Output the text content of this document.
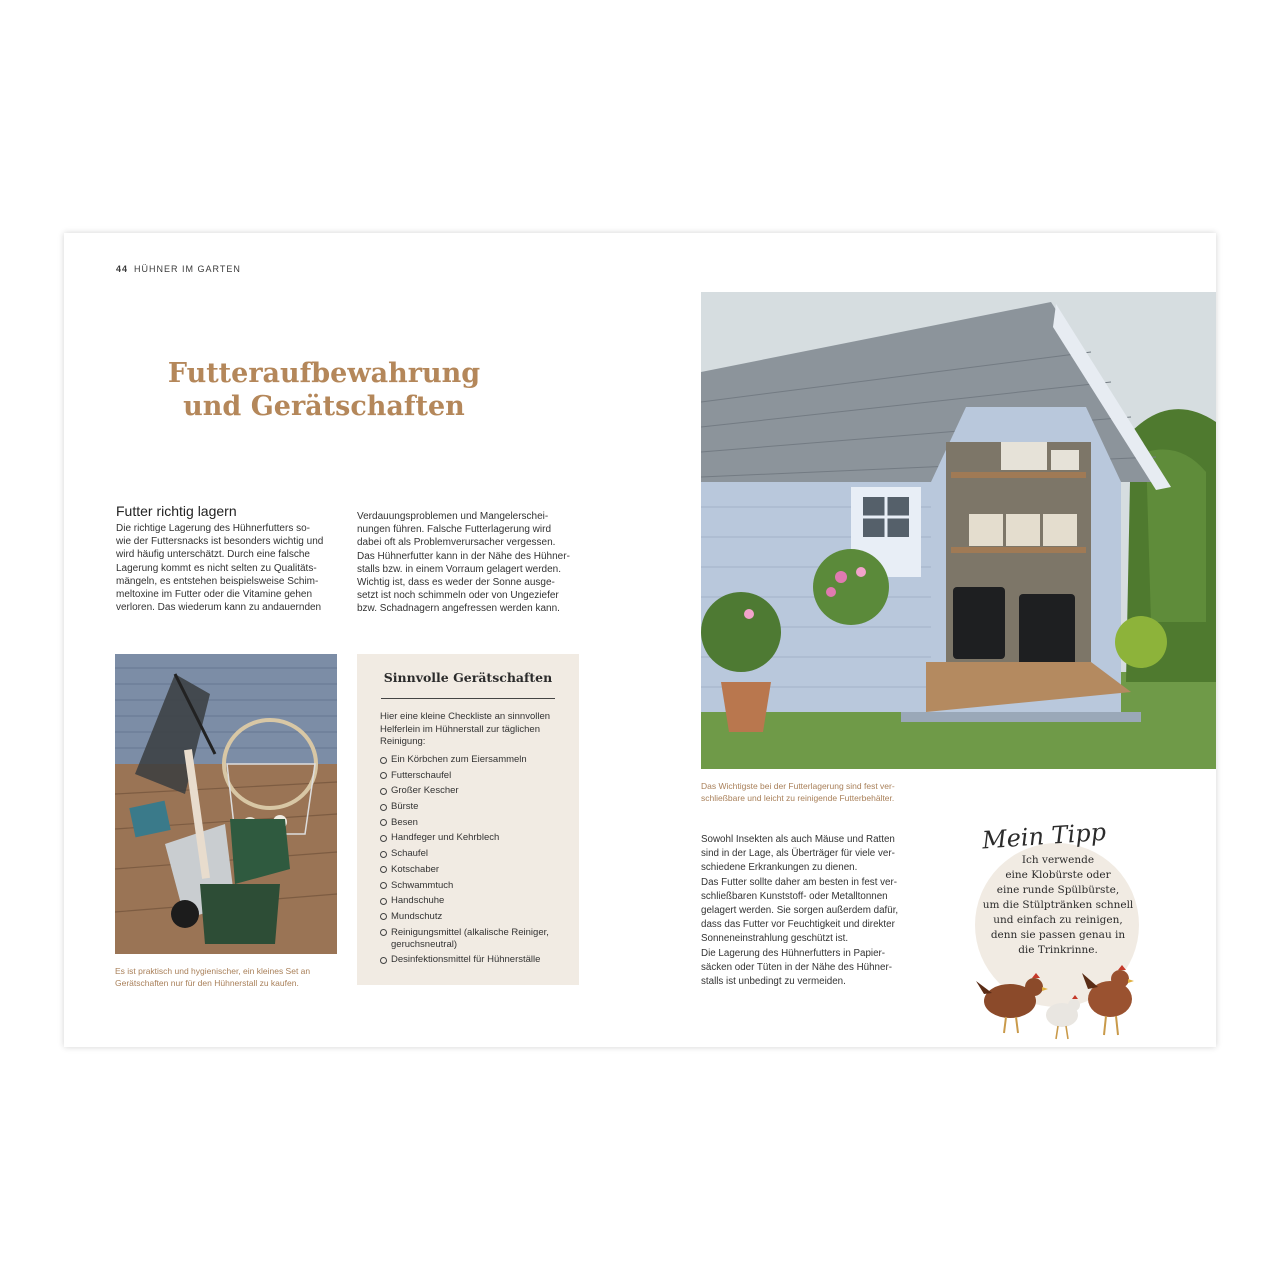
44 HÜHNER IM GARTEN
Futteraufbewahrung
und Gerätschaften
Futter richtig lagern
Die richtige Lagerung des Hühnerfutters so-
wie der Futtersnacks ist besonders wichtig und
wird häufig unterschätzt. Durch eine falsche
Lagerung kommt es nicht selten zu Qualitäts-
mängeln, es entstehen beispielsweise Schim-
meltoxine im Futter oder die Vitamine gehen
verloren. Das wiederum kann zu andauernden
Verdauungsproblemen und Mangelerschei-
nungen führen. Falsche Futterlagerung wird
dabei oft als Problemverursacher vergessen.
Das Hühnerfutter kann in der Nähe des Hühner-
stalls bzw. in einem Vorraum gelagert werden.
Wichtig ist, dass es weder der Sonne ausge-
setzt ist noch schimmeln oder von Ungeziefer
bzw. Schadnagern angefressen werden kann.
Es ist praktisch und hygienischer, ein kleines Set an
Gerätschaften nur für den Hühnerstall zu kaufen.
Sinnvolle Gerätschaften
Hier eine kleine Checkliste an sinnvollen
Helferlein im Hühnerstall zur täglichen
Reinigung:
Ein Körbchen zum Eiersammeln
Futterschaufel
Großer Kescher
Bürste
Besen
Handfeger und Kehrblech
Schaufel
Kotschaber
Schwammtuch
Handschuhe
Mundschutz
Reinigungsmittel (alkalische Reiniger,
geruchsneutral)
Desinfektionsmittel für Hühnerställe
Das Wichtigste bei der Futterlagerung sind fest ver-
schließbare und leicht zu reinigende Futterbehälter.
Sowohl Insekten als auch Mäuse und Ratten
sind in der Lage, als Überträger für viele ver-
schiedene Erkrankungen zu dienen.
Das Futter sollte daher am besten in fest ver-
schließbaren Kunststoff- oder Metalltonnen
gelagert werden. Sie sorgen außerdem dafür,
dass das Futter vor Feuchtigkeit und direkter
Sonneneinstrahlung geschützt ist.
Die Lagerung des Hühnerfutters in Papier-
säcken oder Tüten in der Nähe des Hühner-
stalls ist unbedingt zu vermeiden.
Mein Tipp
Ich verwende
eine Klobürste oder
eine runde Spülbürste,
um die Stülptränken schnell
und einfach zu reinigen,
denn sie passen genau in
die Trinkrinne.
